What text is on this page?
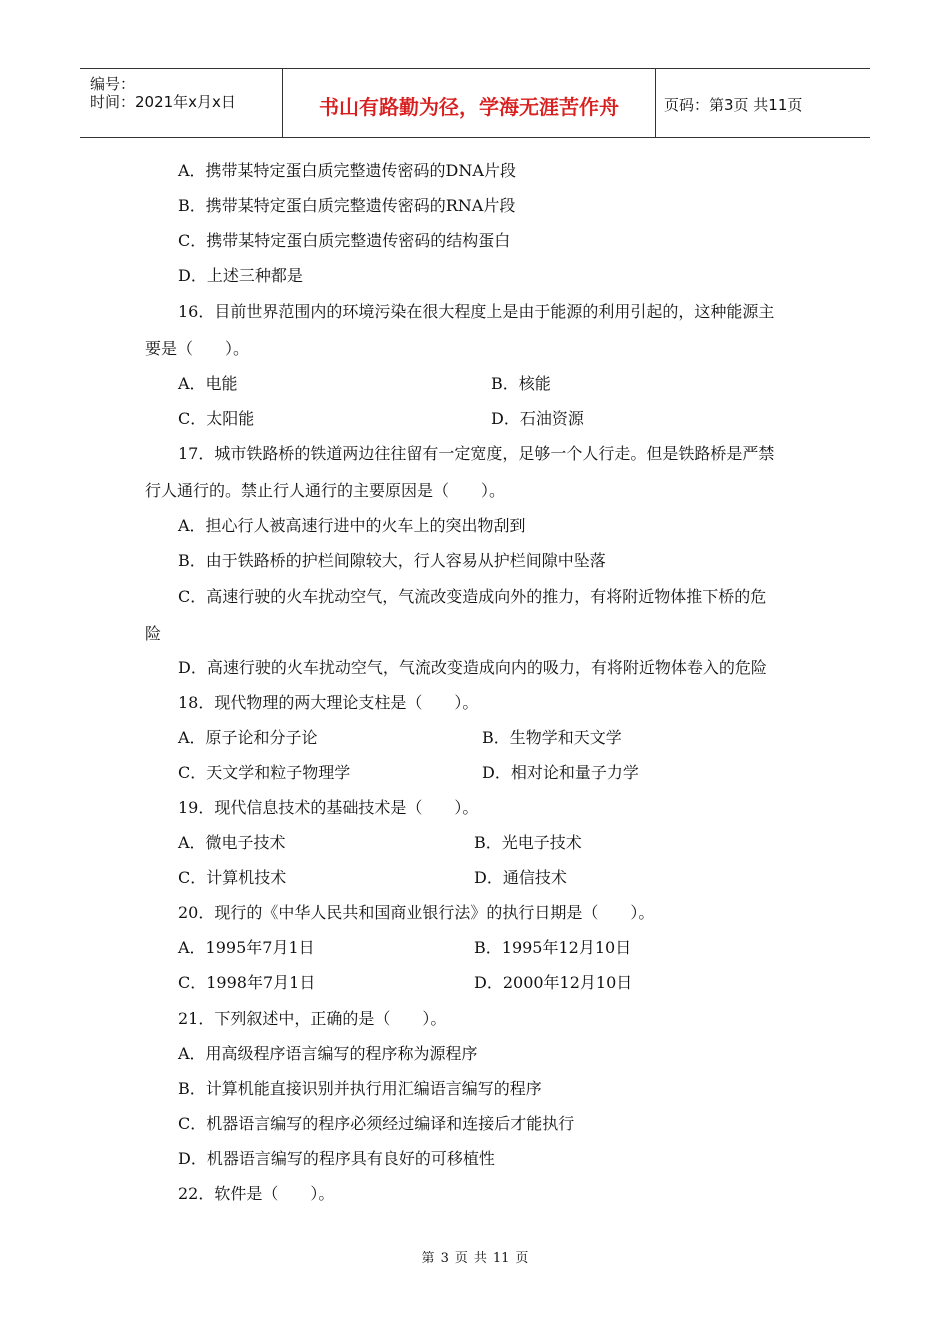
编号：
时间：2021年x月x日	书山有路勤为径，学海无涯苦作舟	页码：第3页 共11页
A．携带某特定蛋白质完整遗传密码的DNA片段
B．携带某特定蛋白质完整遗传密码的RNA片段
C．携带某特定蛋白质完整遗传密码的结构蛋白
D．上述三种都是
16．目前世界范围内的环境污染在很大程度上是由于能源的利用引起的，这种能源主
要是（　　）。
A．电能	B．核能
C．太阳能	D．石油资源
17．城市铁路桥的铁道两边往往留有一定宽度，足够一个人行走。但是铁路桥是严禁
行人通行的。禁止行人通行的主要原因是（　　）。
A．担心行人被高速行进中的火车上的突出物刮到
B．由于铁路桥的护栏间隙较大，行人容易从护栏间隙中坠落
C．高速行驶的火车扰动空气，气流改变造成向外的推力，有将附近物体推下桥的危
险
D．高速行驶的火车扰动空气，气流改变造成向内的吸力，有将附近物体卷入的危险
18．现代物理的两大理论支柱是（　　）。
A．原子论和分子论	B．生物学和天文学
C．天文学和粒子物理学	D．相对论和量子力学
19．现代信息技术的基础技术是（　　）。
A．微电子技术	B．光电子技术
C．计算机技术	D．通信技术
20．现行的《中华人民共和国商业银行法》的执行日期是（　　）。
A．1995年7月1日	B．1995年12月10日
C．1998年7月1日	D．2000年12月10日
21．下列叙述中，正确的是（　　）。
A．用高级程序语言编写的程序称为源程序
B．计算机能直接识别并执行用汇编语言编写的程序
C．机器语言编写的程序必须经过编译和连接后才能执行
D．机器语言编写的程序具有良好的可移植性
22．软件是（　　）。
第 3 页 共 11 页
